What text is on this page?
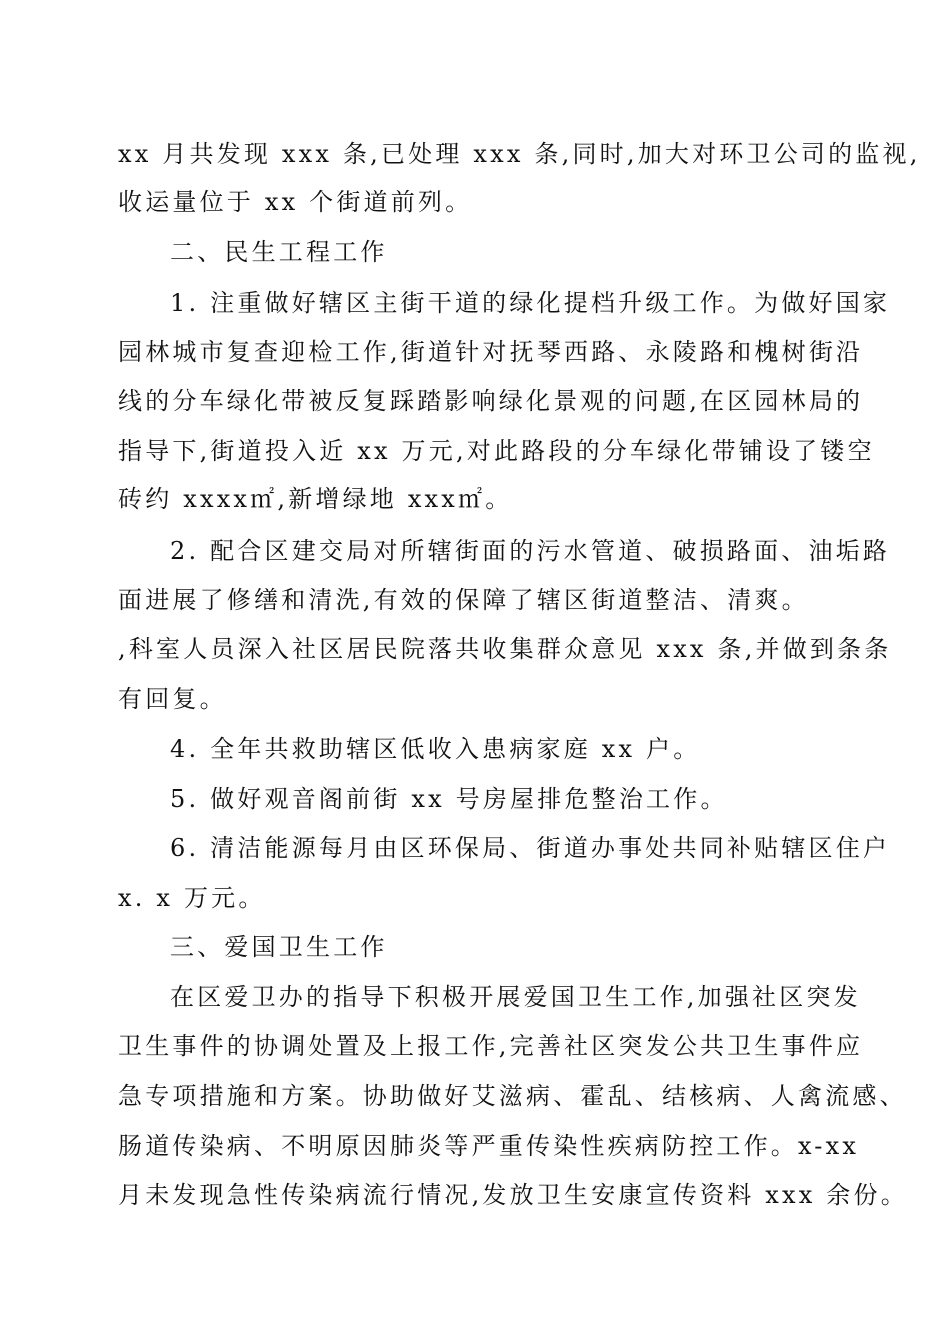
xx 月共发现 xxx 条,已处理 xxx 条,同时,加大对环卫公司的监视,
收运量位于 xx 个街道前列。
二、民生工程工作
1. 注重做好辖区主街干道的绿化提档升级工作。为做好国家
园林城市复查迎检工作,街道针对抚琴西路、永陵路和槐树街沿
线的分车绿化带被反复踩踏影响绿化景观的问题,在区园林局的
指导下,街道投入近 xx 万元,对此路段的分车绿化带铺设了镂空
砖约 xxxx㎡,新增绿地 xxx㎡。
2. 配合区建交局对所辖街面的污水管道、破损路面、油垢路
面进展了修缮和清洗,有效的保障了辖区街道整洁、清爽。
,科室人员深入社区居民院落共收集群众意见 xxx 条,并做到条条
有回复。
4. 全年共救助辖区低收入患病家庭 xx 户。
5. 做好观音阁前街 xx 号房屋排危整治工作。
6. 清洁能源每月由区环保局、街道办事处共同补贴辖区住户
x. x 万元。
三、爱国卫生工作
在区爱卫办的指导下积极开展爱国卫生工作,加强社区突发
卫生事件的协调处置及上报工作,完善社区突发公共卫生事件应
急专项措施和方案。协助做好艾滋病、霍乱、结核病、人禽流感、
肠道传染病、不明原因肺炎等严重传染性疾病防控工作。x-xx
月未发现急性传染病流行情况,发放卫生安康宣传资料 xxx 余份。
